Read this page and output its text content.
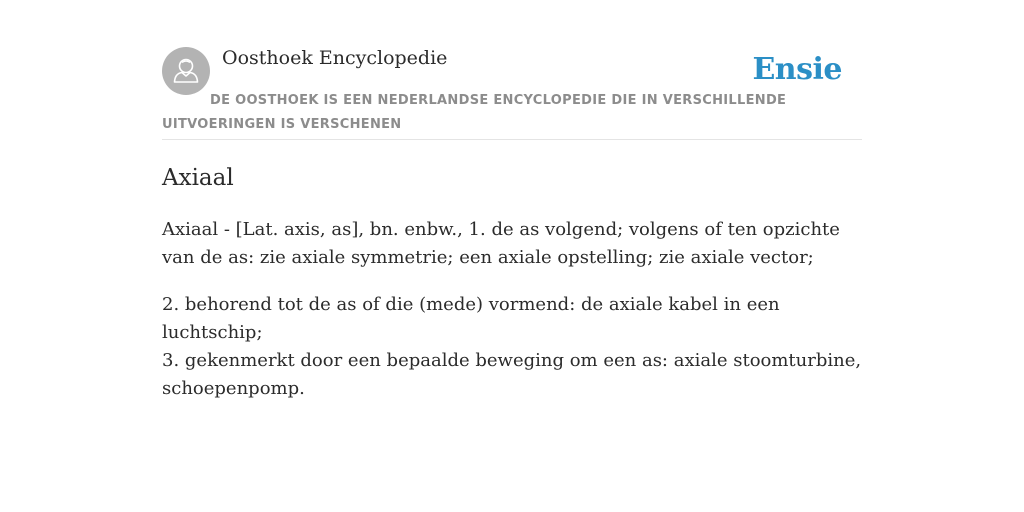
Oosthoek Encyclopedie	Ensie
DE OOSTHOEK IS EEN NEDERLANDSE ENCYCLOPEDIE DIE IN VERSCHILLENDE UITVOERINGEN IS VERSCHENEN
Axiaal

Axiaal - [Lat. axis, as], bn. enbw., 1. de as volgend; volgens of ten opzichte van de as: zie axiale symmetrie; een axiale opstelling; zie axiale vector;

2. behorend tot de as of die (mede) vormend: de axiale kabel in een luchtschip;
3. gekenmerkt door een bepaalde beweging om een as: axiale stoomturbine, schoepenpomp.
